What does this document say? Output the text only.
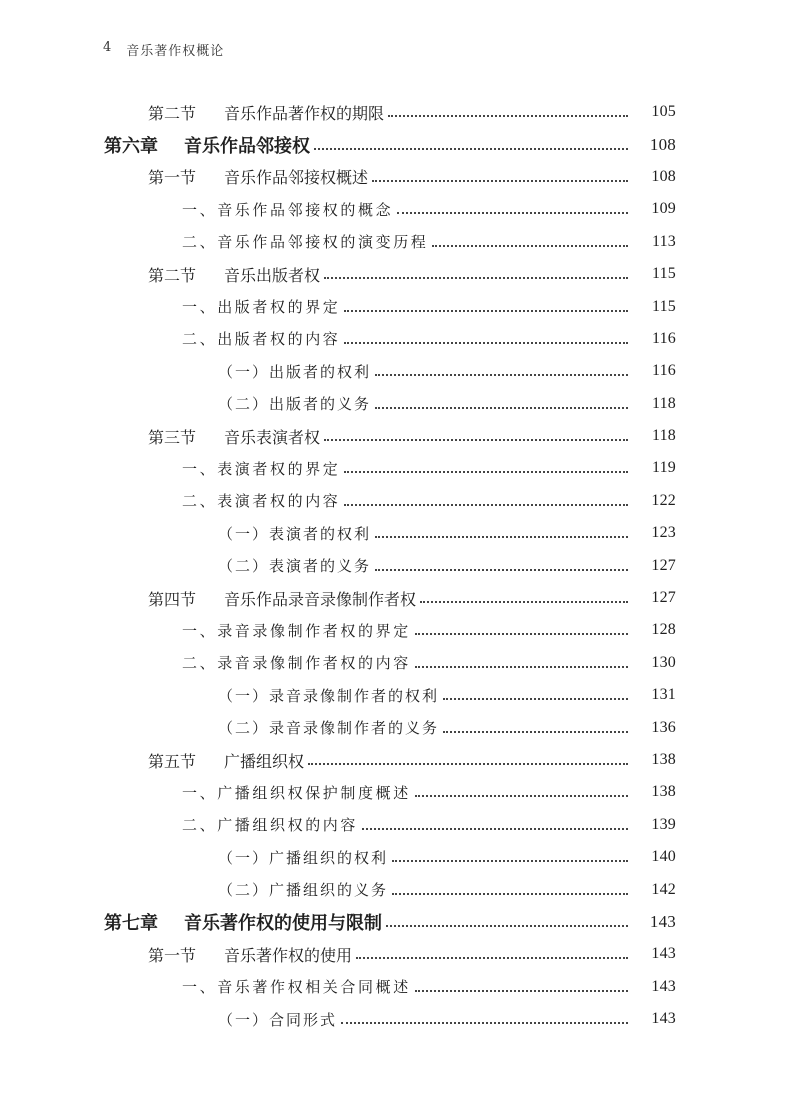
4 音乐著作权概论
第二节	音乐作品著作权的期限	105
第六章	音乐作品邻接权	108
第一节	音乐作品邻接权概述	108
一、 音乐作品邻接权的概念	109
二、 音乐作品邻接权的演变历程	113
第二节	音乐出版者权	115
一、 出版者权的界定	115
二、 出版者权的内容	116
（一） 出版者的权利	116
（二） 出版者的义务	118
第三节	音乐表演者权	118
一、 表演者权的界定	119
二、 表演者权的内容	122
（一） 表演者的权利	123
（二） 表演者的义务	127
第四节	音乐作品录音录像制作者权	127
一、 录音录像制作者权的界定	128
二、 录音录像制作者权的内容	130
（一） 录音录像制作者的权利	131
（二） 录音录像制作者的义务	136
第五节	广播组织权	138
一、 广播组织权保护制度概述	138
二、 广播组织权的内容	139
（一） 广播组织的权利	140
（二） 广播组织的义务	142
第七章	音乐著作权的使用与限制	143
第一节	音乐著作权的使用	143
一、 音乐著作权相关合同概述	143
（一） 合同形式	143
